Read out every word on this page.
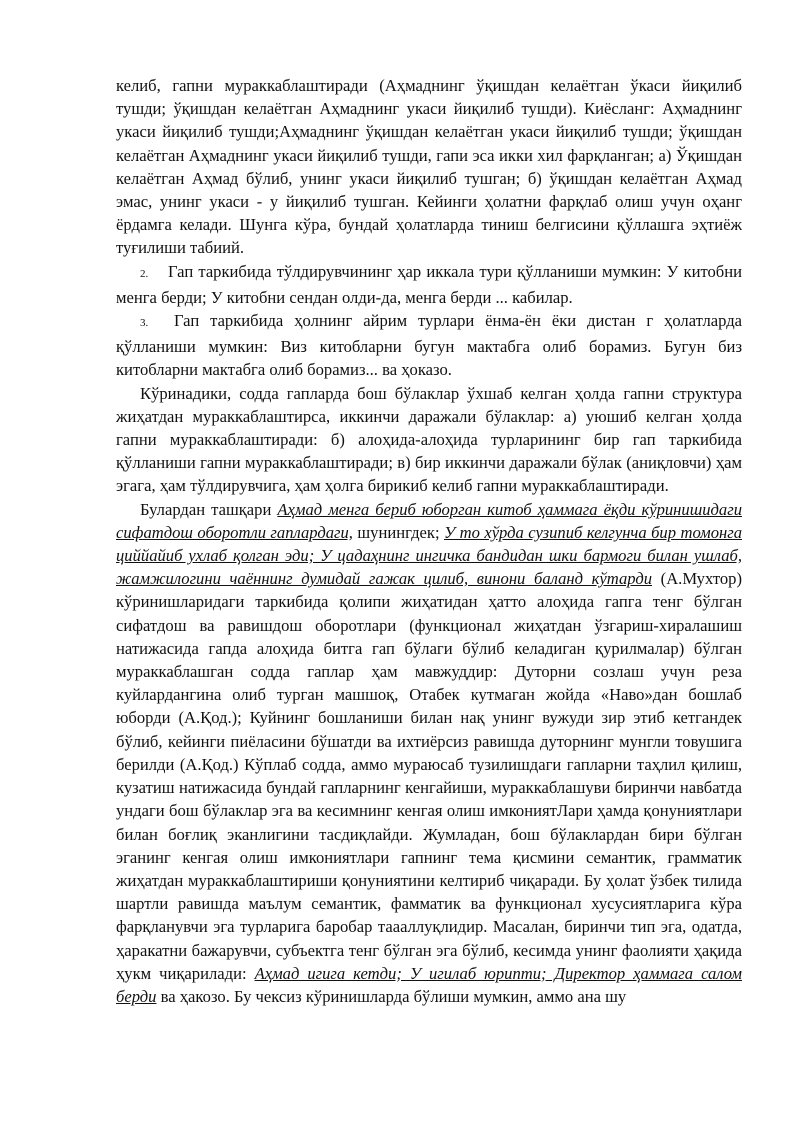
келиб, гапни мураккаблаштиради (Аҳмаднинг ўқишдан келаётган ўкаси йиқилиб тушди; ўқишдан келаётган Аҳмаднинг укаси йиқилиб тушди). Киёсланг: Аҳмаднинг укаси йиқилиб тушди;Аҳмаднинг ўқишдан келаётган укаси йиқилиб тушди; ўқишдан келаётган Аҳмаднинг укаси йиқилиб тушди, гапи эса икки хил фарқланган; а) Ўқишдан келаётган Аҳмад бўлиб, унинг укаси йиқилиб тушган; б) ўқишдан келаётган Аҳмад эмас, унинг укаси - у йиқилиб тушган. Кейинги ҳолатни фарқлаб олиш учун оҳанг ёрдамга келади. Шунга кўра, бундай ҳолатларда тиниш белгисини қўллашга эҳтиёж туғилиши табиий.

2. Гап таркибида тўлдирувчининг ҳар иккала тури қўлланиши мумкин: У китобни менга берди; У китобни сендан олди-да, менга берди ... кабилар.

3. Гап таркибида ҳолнинг айрим турлари ёнма-ён ёки дистан г ҳолатларда қўлланиши мумкин: Виз китобларни бугун мактабга олиб борамиз. Бугун биз китобларни мактабга олиб борамиз... ва ҳоказо.

Кўринадики, содда гапларда бош бўлаклар ўхшаб келган ҳолда гапни структура жиҳатдан мураккаблаштирса, иккинчи даражали бўлаклар: а) уюшиб келган ҳолда гапни мураккаблаштиради: б) алоҳида-алоҳида турларининг бир гап таркибида қўлланиши гапни мураккаблаштиради; в) бир иккинчи даражали бўлак (аниқловчи) ҳам эгага, ҳам тўлдирувчига, ҳам ҳолга бирикиб келиб гапни мураккаблаштиради.

Булардан ташқари Аҳмад менга бериб юборган китоб ҳаммага ёқди кўринишидаги сифатдош оборотли гаплардаги, шунингдек; У то хўрда сузипиб келгунча бир томонга циййайиб ухлаб қолган эди; У цадаҳнинг ингичка бандидан шки бармоги билан ушлаб, жамжилогини чаённинг думидай гажак цилиб, винони баланд кўтарди (А.Мухтор) кўринишларидаги таркибида қолипи жиҳатидан ҳатто алоҳида гапга тенг бўлган сифатдош ва равишдош оборотлари (функционал жиҳатдан ўзгариш-хиралашиш натижасида гапда алоҳида битга гап бўлаги бўлиб келадиган қурилмалар) бўлган мураккаблашган содда гаплар ҳам мавжуддир: Дуторни созлаш учун реза куйлардангина олиб турган машшоқ, Отабек кутмаган жойда «Наво»дан бошлаб юборди (А.Қод.); Куйнинг бошланиши билан нақ унинг вужуди зир этиб кетгандек бўлиб, кейинги пиёласини бўшатди ва ихтиёрсиз равишда дуторнинг мунгли товушига берилди (А.Қод.) Кўплаб содда, аммо мураюсаб тузилишдаги гапларни таҳлил қилиш, кузатиш натижасида бундай гапларнинг кенгайиши, мураккаблашуви биринчи навбатда ундаги бош бўлаклар эга ва кесимнинг кенгая олиш имкониятЛари ҳамда қонуниятлари билан боғлиқ эканлигини тасдиқлайди. Жумладан, бош бўлаклардан бири бўлган эганинг кенгая олиш имкониятлари гапнинг тема қисмини семантик, грамматик жиҳатдан мураккаблаштириши қонуниятини келтириб чиқаради. Бу ҳолат ўзбек тилида шартли равишда маълум семантик, фамматик ва функционал хусусиятларига кўра фарқланувчи эга турларига баробар таааллуқлидир. Масалан, биринчи тип эга, одатда, ҳаракатни бажарувчи, субъектга тенг бўлган эга бўлиб, кесимда унинг фаолияти ҳақида ҳукм чиқарилади: Аҳмад игига кетди; У игилаб юрипти; Директор ҳаммага салом берди ва ҳакозо. Бу чексиз кўринишларда бўлиши мумкин, аммо ана шу
